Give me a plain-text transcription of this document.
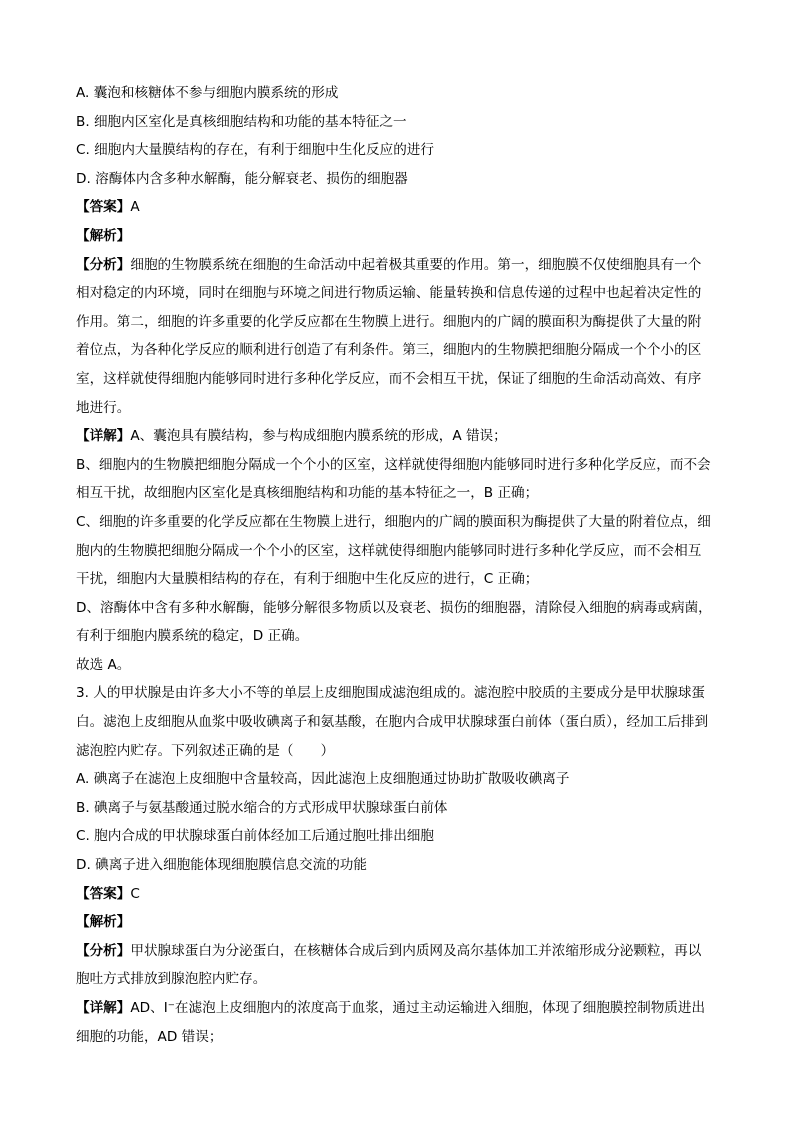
A. 囊泡和核糖体不参与细胞内膜系统的形成

B. 细胞内区室化是真核细胞结构和功能的基本特征之一

C. 细胞内大量膜结构的存在，有利于细胞中生化反应的进行

D. 溶酶体内含多种水解酶，能分解衰老、损伤的细胞器

【答案】A

【解析】

【分析】细胞的生物膜系统在细胞的生命活动中起着极其重要的作用。第一，细胞膜不仅使细胞具有一个

相对稳定的内环境，同时在细胞与环境之间进行物质运输、能量转换和信息传递的过程中也起着决定性的

作用。第二，细胞的许多重要的化学反应都在生物膜上进行。细胞内的广阔的膜面积为酶提供了大量的附

着位点，为各种化学反应的顺利进行创造了有利条件。第三，细胞内的生物膜把细胞分隔成一个个小的区

室，这样就使得细胞内能够同时进行多种化学反应，而不会相互干扰，保证了细胞的生命活动高效、有序

地进行。

【详解】A、囊泡具有膜结构，参与构成细胞内膜系统的形成，A 错误；

B、细胞内的生物膜把细胞分隔成一个个小的区室，这样就使得细胞内能够同时进行多种化学反应，而不会

相互干扰，故细胞内区室化是真核细胞结构和功能的基本特征之一，B 正确；

C、细胞的许多重要的化学反应都在生物膜上进行，细胞内的广阔的膜面积为酶提供了大量的附着位点，细

胞内的生物膜把细胞分隔成一个个小的区室，这样就使得细胞内能够同时进行多种化学反应，而不会相互

干扰，细胞内大量膜相结构的存在，有利于细胞中生化反应的进行，C 正确；

D、溶酶体中含有多种水解酶，能够分解很多物质以及衰老、损伤的细胞器，清除侵入细胞的病毒或病菌，

有利于细胞内膜系统的稳定，D 正确。

故选 A。

3. 人的甲状腺是由许多大小不等的单层上皮细胞围成滤泡组成的。滤泡腔中胶质的主要成分是甲状腺球蛋

白。滤泡上皮细胞从血浆中吸收碘离子和氨基酸，在胞内合成甲状腺球蛋白前体（蛋白质），经加工后排到

滤泡腔内贮存。下列叙述正确的是（　　）

A. 碘离子在滤泡上皮细胞中含量较高，因此滤泡上皮细胞通过协助扩散吸收碘离子

B. 碘离子与氨基酸通过脱水缩合的方式形成甲状腺球蛋白前体

C. 胞内合成的甲状腺球蛋白前体经加工后通过胞吐排出细胞

D. 碘离子进入细胞能体现细胞膜信息交流的功能

【答案】C

【解析】

【分析】甲状腺球蛋白为分泌蛋白，在核糖体合成后到内质网及高尔基体加工并浓缩形成分泌颗粒，再以

胞吐方式排放到腺泡腔内贮存。

【详解】AD、I⁻在滤泡上皮细胞内的浓度高于血浆，通过主动运输进入细胞，体现了细胞膜控制物质进出

细胞的功能，AD 错误；
